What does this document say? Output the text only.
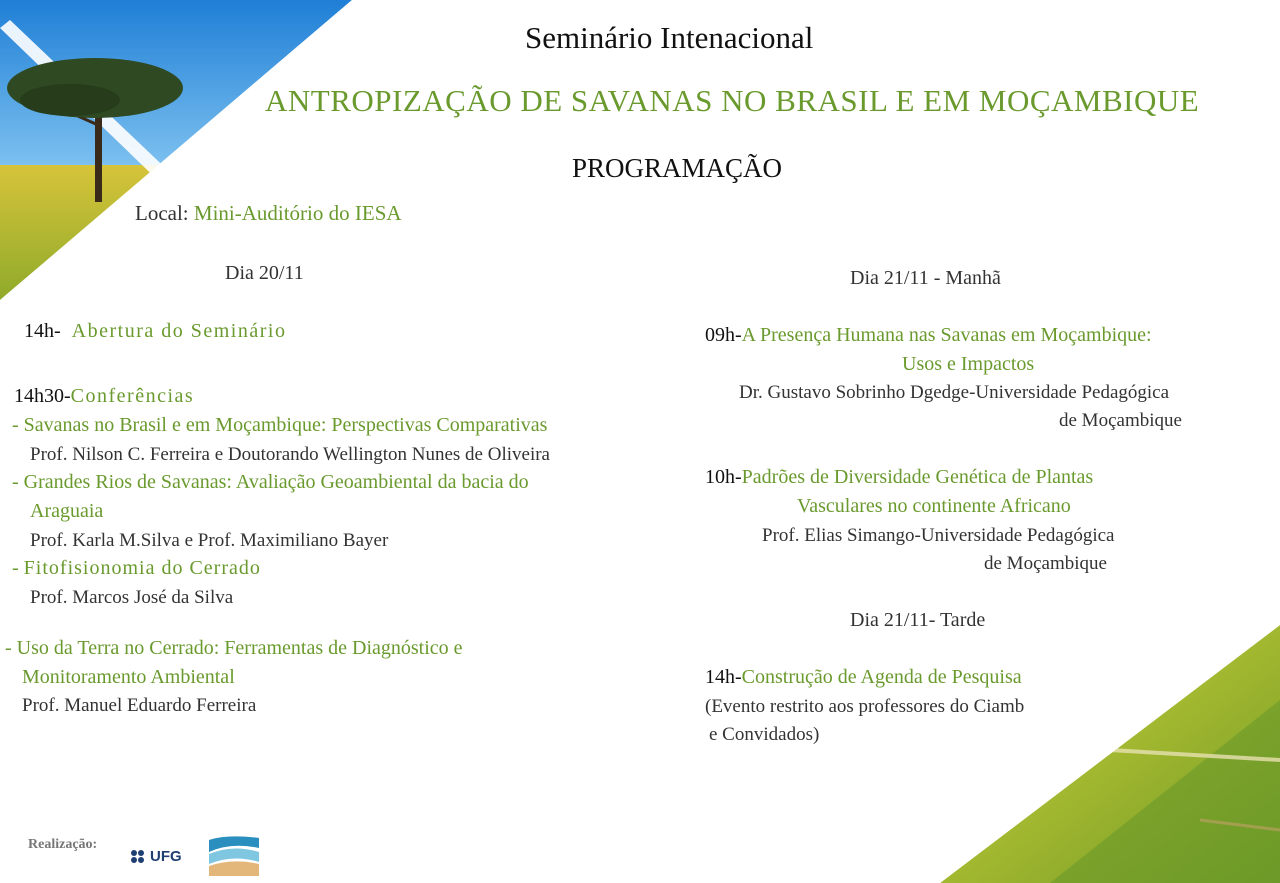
Seminário Intenacional
ANTROPIZAÇÃO DE SAVANAS NO BRASIL E EM MOÇAMBIQUE
PROGRAMAÇÃO
Local: Mini-Auditório do IESA
Dia 20/11
14h- Abertura do Seminário
14h30-Conferências
- Savanas no Brasil e em Moçambique: Perspectivas Comparativas
Prof. Nilson C. Ferreira e Doutorando Wellington Nunes de Oliveira
- Grandes Rios de Savanas: Avaliação Geoambiental da bacia do
Araguaia
Prof. Karla M.Silva e Prof. Maximiliano Bayer
- Fitofisionomia do Cerrado
Prof. Marcos José da Silva
- Uso da Terra no Cerrado: Ferramentas de Diagnóstico e
Monitoramento Ambiental
Prof. Manuel Eduardo Ferreira
Dia 21/11 - Manhã
09h-A Presença Humana nas Savanas em Moçambique:
Usos e Impactos
Dr. Gustavo Sobrinho Dgedge-Universidade Pedagógica
de Moçambique
10h-Padrões de Diversidade Genética de Plantas
Vasculares no continente Africano
Prof. Elias Simango-Universidade Pedagógica
de Moçambique
Dia 21/11- Tarde
14h-Construção de Agenda de Pesquisa
(Evento restrito aos professores do Ciamb
e Convidados)
Realização:
UFG
